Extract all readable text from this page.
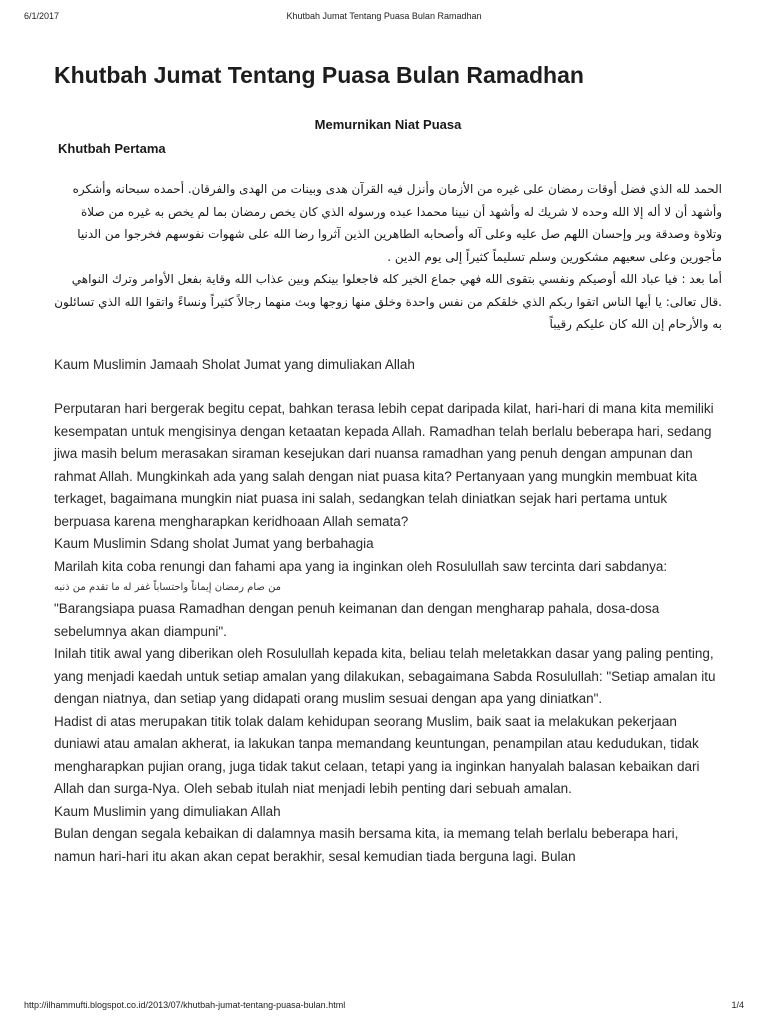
6/1/2017	Khutbah Jumat Tentang Puasa Bulan Ramadhan
Khutbah Jumat Tentang Puasa Bulan Ramadhan
Memurnikan Niat Puasa
Khutbah Pertama

الحمد لله الذي فضل أوقات رمضان على غيره من الأزمان وأنزل فيه القرآن هدى وبينات من الهدى والفرقان. أحمده سبحانه وأشكره وأشهد أن لا أله إلا الله وحده لا شريك له وأشهد أن نبينا محمدا عبده ورسوله الذي كان يخص رمضان بما لم يخص به غيره من صلاة وتلاوة وصدقة وبر وإحسان اللهم صل عليه وعلى آله وأصحابه الطاهرين الذين آثروا رضا الله على شهوات نفوسهم فخرجوا من الدنيا مأجورين وعلى سعيهم مشكورين وسلم تسليماً كثيراً إلى يوم الدين .

أما بعد : فيا عباد الله أوصيكم ونفسي بتقوى الله فهي جماع الخير كله فاجعلوا بينكم وبين عذاب الله وقاية بفعل الأوامر وترك النواهي .قال تعالى: يا أيها الناس اتقوا ربكم الذي خلقكم من نفس واحدة وخلق منها زوجها وبث منهما رجالاً كثيراً ونساءً واتقوا الله الذي تسائلون به والأرحام إن الله كان عليكم رقيباً

Kaum Muslimin Jamaah Sholat Jumat yang dimuliakan Allah

Perputaran hari bergerak begitu cepat, bahkan terasa lebih cepat daripada kilat, hari-hari di mana kita memiliki kesempatan untuk mengisinya dengan ketaatan kepada Allah. Ramadhan telah berlalu beberapa hari, sedang jiwa masih belum merasakan siraman kesejukan dari nuansa ramadhan yang penuh dengan ampunan dan rahmat Allah. Mungkinkah ada yang salah dengan niat puasa kita? Pertanyaan yang mungkin membuat kita terkaget, bagaimana mungkin niat puasa ini salah, sedangkan telah diniatkan sejak hari pertama untuk berpuasa karena mengharapkan keridhoaan Allah semata?

Kaum Muslimin Sdang sholat Jumat yang berbahagia

Marilah kita coba renungi dan fahami apa yang ia inginkan oleh Rosulullah saw tercinta dari sabdanya:

من صام رمضان إيماناً واحتساباً غفر له ما تقدم من ذنبه

"Barangsiapa puasa Ramadhan dengan penuh keimanan dan dengan mengharap pahala, dosa-dosa sebelumnya akan diampuni".

Inilah titik awal yang diberikan oleh Rosulullah kepada kita, beliau telah meletakkan dasar yang paling penting, yang menjadi kaedah untuk setiap amalan yang dilakukan, sebagaimana Sabda Rosulullah: "Setiap amalan itu dengan niatnya, dan setiap yang didapati orang muslim sesuai dengan apa yang diniatkan".

Hadist di atas merupakan titik tolak dalam kehidupan seorang Muslim, baik saat ia melakukan pekerjaan duniawi atau amalan akherat, ia lakukan tanpa memandang keuntungan, penampilan atau kedudukan, tidak mengharapkan pujian orang, juga tidak takut celaan, tetapi yang ia inginkan hanyalah balasan kebaikan dari Allah dan surga-Nya. Oleh sebab itulah niat menjadi lebih penting dari sebuah amalan.

Kaum Muslimin yang dimuliakan Allah

Bulan dengan segala kebaikan di dalamnya masih bersama kita, ia memang telah berlalu beberapa hari, namun hari-hari itu akan akan cepat berakhir, sesal kemudian tiada berguna lagi. Bulan

http://ilhammufti.blogspot.co.id/2013/07/khutbah-jumat-tentang-puasa-bulan.html	1/4
